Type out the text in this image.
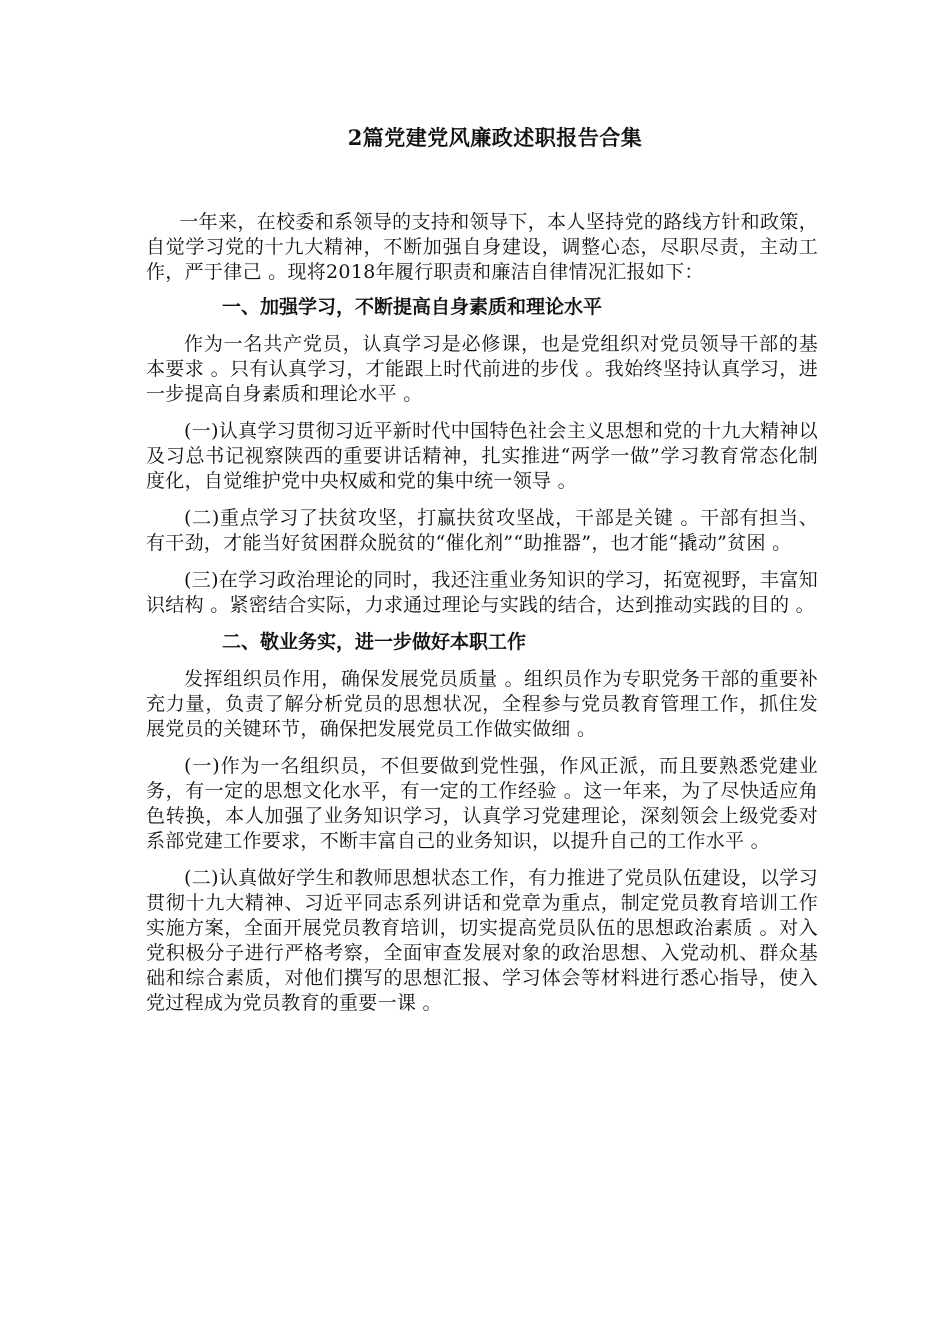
2篇党建党风廉政述职报告合集

一年来，在校委和系领导的支持和领导下，本人坚持党的路线方针和政策，自觉学习党的十九大精神，不断加强自身建设，调整心态，尽职尽责，主动工作，严于律己 。现将2018年履行职责和廉洁自律情况汇报如下：

一、加强学习，不断提高自身素质和理论水平

作为一名共产党员，认真学习是必修课，也是党组织对党员领导干部的基本要求 。只有认真学习，才能跟上时代前进的步伐 。我始终坚持认真学习，进一步提高自身素质和理论水平 。

(一)认真学习贯彻习近平新时代中国特色社会主义思想和党的十九大精神以及习总书记视察陕西的重要讲话精神，扎实推进“两学一做”学习教育常态化制度化，自觉维护党中央权威和党的集中统一领导 。

(二)重点学习了扶贫攻坚，打赢扶贫攻坚战，干部是关键 。干部有担当、有干劲，才能当好贫困群众脱贫的“催化剂”“助推器”，也才能“撬动”贫困 。

(三)在学习政治理论的同时，我还注重业务知识的学习，拓宽视野，丰富知识结构 。紧密结合实际，力求通过理论与实践的结合，达到推动实践的目的 。

二、敬业务实，进一步做好本职工作

发挥组织员作用，确保发展党员质量 。组织员作为专职党务干部的重要补充力量，负责了解分析党员的思想状况，全程参与党员教育管理工作，抓住发展党员的关键环节，确保把发展党员工作做实做细 。

(一)作为一名组织员，不但要做到党性强，作风正派，而且要熟悉党建业务，有一定的思想文化水平，有一定的工作经验 。这一年来，为了尽快适应角色转换，本人加强了业务知识学习，认真学习党建理论，深刻领会上级党委对系部党建工作要求，不断丰富自己的业务知识，以提升自己的工作水平 。

(二)认真做好学生和教师思想状态工作，有力推进了党员队伍建设，以学习贯彻十九大精神、习近平同志系列讲话和党章为重点，制定党员教育培训工作实施方案，全面开展党员教育培训，切实提高党员队伍的思想政治素质 。对入党积极分子进行严格考察，全面审查发展对象的政治思想、入党动机、群众基础和综合素质，对他们撰写的思想汇报、学习体会等材料进行悉心指导，使入党过程成为党员教育的重要一课 。
